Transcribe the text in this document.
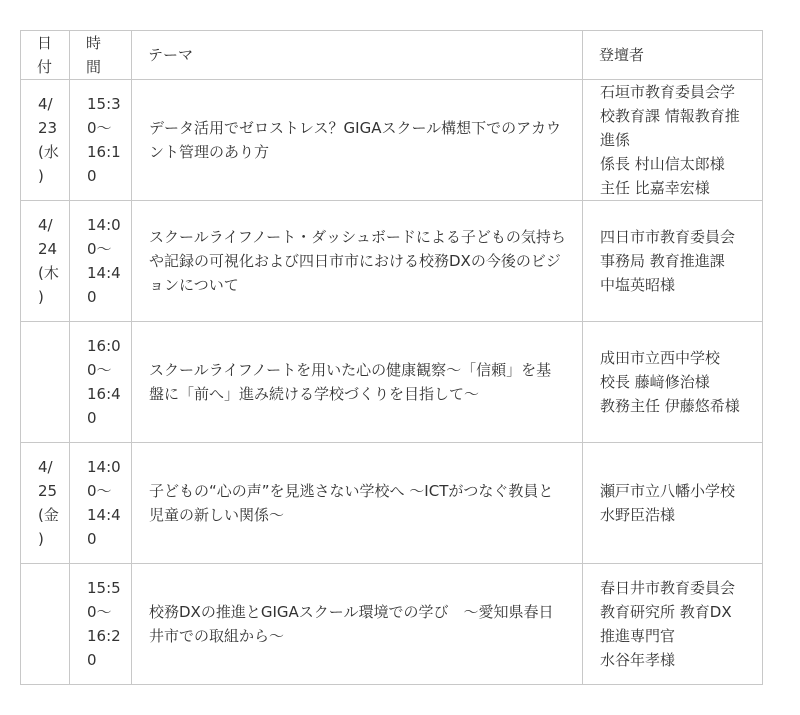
日付	時間	テーマ	登壇者
4/23(水)	15:30～16:10	データ活用でゼロストレス？GIGAスクール構想下でのアカウント管理のあり方	石垣市教育委員会学校教育課 情報教育推進係
係長 村山信太郎様
主任 比嘉幸宏様

4/24(木)	14:00～14:40	スクールライフノート・ダッシュボードによる子どもの気持ちや記録の可視化および四日市市における校務DXの今後のビジョンについて	四日市市教育委員会事務局 教育推進課
中塩英昭様

	16:00～16:40	スクールライフノートを用いた心の健康観察～「信頼」を基盤に「前へ」進み続ける学校づくりを目指して～	成田市立西中学校
校長 藤﨑修治様
教務主任 伊藤悠希様

4/25(金)	14:00～14:40	子どもの“心の声”を見逃さない学校へ ～ICTがつなぐ教員と児童の新しい関係～	瀬戸市立八幡小学校
水野臣浩様

	15:50～16:20	校務DXの推進とGIGAスクール環境での学び　～愛知県春日井市での取組から～	春日井市教育委員会教育研究所 教育DX推進専門官
水谷年孝様
